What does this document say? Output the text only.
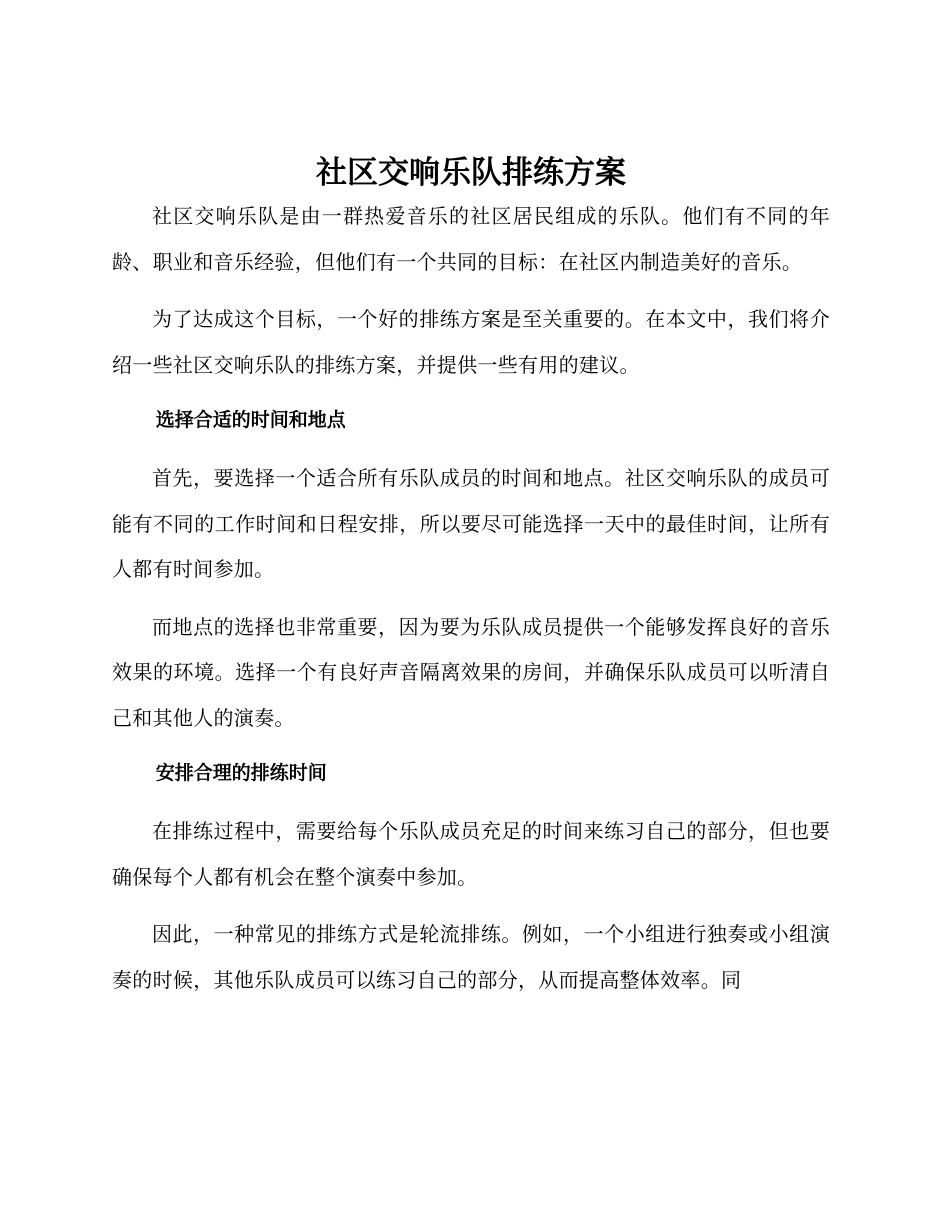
社区交响乐队排练方案

社区交响乐队是由一群热爱音乐的社区居民组成的乐队。他们有不同的年龄、职业和音乐经验，但他们有一个共同的目标：在社区内制造美好的音乐。

为了达成这个目标，一个好的排练方案是至关重要的。在本文中，我们将介绍一些社区交响乐队的排练方案，并提供一些有用的建议。

选择合适的时间和地点

首先，要选择一个适合所有乐队成员的时间和地点。社区交响乐队的成员可能有不同的工作时间和日程安排，所以要尽可能选择一天中的最佳时间，让所有人都有时间参加。

而地点的选择也非常重要，因为要为乐队成员提供一个能够发挥良好的音乐效果的环境。选择一个有良好声音隔离效果的房间，并确保乐队成员可以听清自己和其他人的演奏。

安排合理的排练时间

在排练过程中，需要给每个乐队成员充足的时间来练习自己的部分，但也要确保每个人都有机会在整个演奏中参加。

因此，一种常见的排练方式是轮流排练。例如，一个小组进行独奏或小组演奏的时候，其他乐队成员可以练习自己的部分，从而提高整体效率。同
